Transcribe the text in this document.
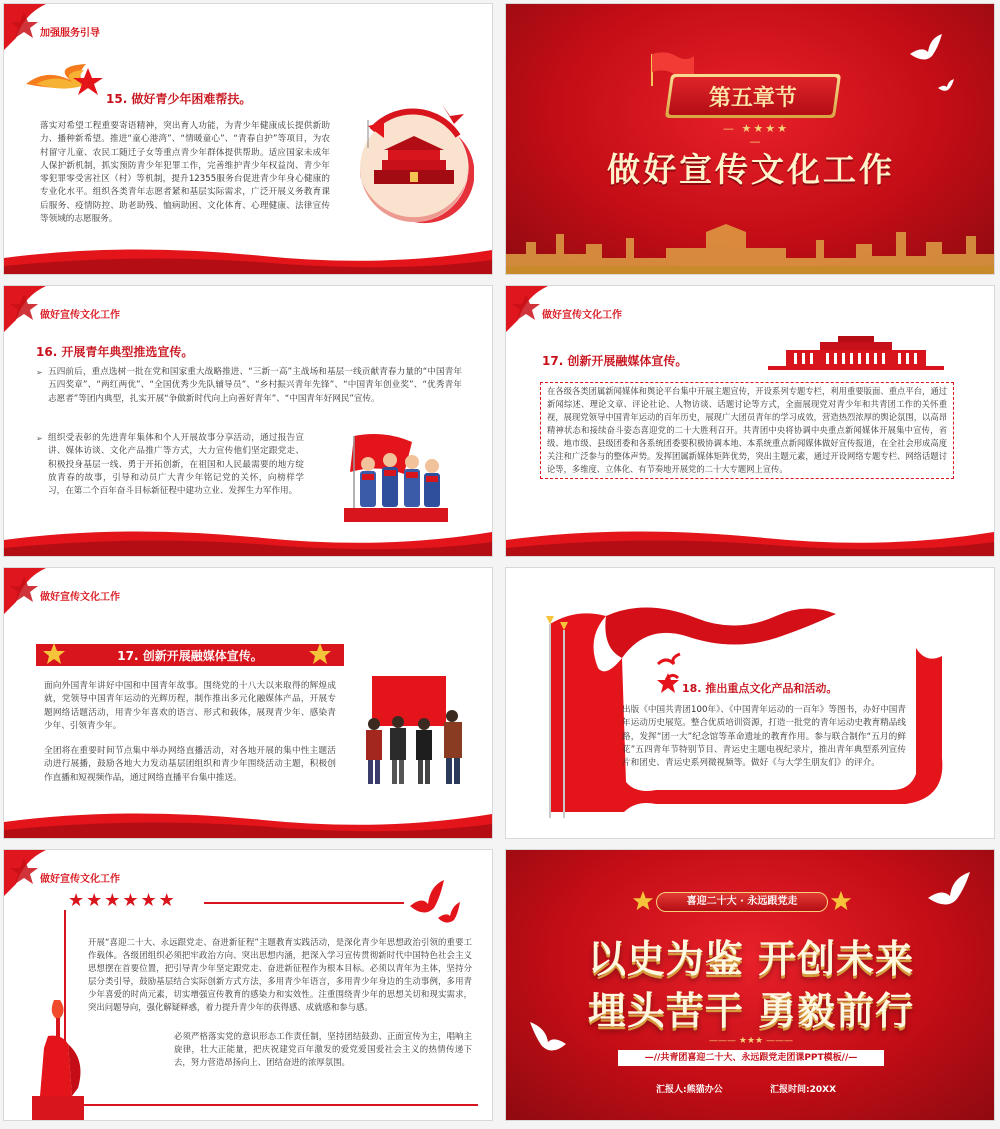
加强服务引导
15. 做好青少年困难帮扶。
落实对希望工程重要寄语精神，突出育人功能，为青少年健康成长提供新助力、播种新希望。推进“童心港湾”、“情暖童心”、“青春自护”等项目，为农村留守儿童、农民工随迁子女等重点青少年群体提供帮助。适应国家未成年人保护新机制，抓实预防青少年犯罪工作，完善维护青少年权益岗、青少年零犯罪零受害社区（村）等机制，提升12355服务台促进青少年身心健康的专业化水平。组织各类青年志愿者紧和基层实际需求，广泛开展义务教育课后服务、疫情防控、助老助残、恤病助困、文化体育、心理健康、法律宣传等领域的志愿服务。
第五章节
— ★★★★ —
做好宣传文化工作
做好宣传文化工作
16. 开展青年典型推选宣传。

➢ 五四前后，重点选树一批在党和国家重大战略推进、“三新一高”主战场和基层一线贡献青春力量的“中国青年五四奖章”、“两红两优”、“全国优秀少先队辅导员”、“乡村振兴青年先锋”、“中国青年创业奖”、“优秀青年志愿者”等团内典型，扎实开展“争做新时代向上向善好青年”、“中国青年好网民”宣传。

➢ 组织受表彰的先进青年集体和个人开展故事分享活动，通过报告宣讲、媒体访谈、文化产品推广等方式，大力宣传他们坚定跟党走、积极投身基层一线、勇于开拓创新，在祖国和人民最需要的地方绽放青春的故事，引导和动员广大青少年铭记党的关怀，向榜样学习，在第二个百年奋斗目标新征程中建功立业、发挥生力军作用。

做好宣传文化工作
17. 创新开展融媒体宣传。
在各级各类团属新闻媒体和舆论平台集中开展主题宣传，开设系列专题专栏，利用重要版面、重点平台，通过新闻综述、理论文章、评论社论、人物访谈、话题讨论等方式，全面展现党对青少年和共青团工作的关怀重视，展现党领导中国青年运动的百年历史，展现广大团员青年的学习成效，营造热烈浓厚的舆论氛围，以高昂精神状态和接续奋斗姿态喜迎党的二十大胜利召开。共青团中央将协调中央重点新闻媒体开展集中宣传，省级、地市级、县级团委和各系统团委要积极协调本地、本系统重点新闻媒体做好宣传报道，在全社会形成高度关注和广泛参与的整体声势。发挥团属新媒体矩阵优势，突出主题元素，通过开设网络专题专栏、网络话题讨论等，多维度、立体化、有节奏地开展党的二十大专题网上宣传。
做好宣传文化工作
17. 创新开展融媒体宣传。

面向外国青年讲好中国和中国青年故事。围绕党的十八大以来取得的辉煌成就，党领导中国青年运动的光辉历程，制作推出多元化融媒体产品，开展专题网络话题活动，用青少年喜欢的语言、形式和载体，展现青少年、感染青少年、引领青少年。

全团将在重要时间节点集中举办网络直播活动，对各地开展的集中性主题活动进行展播，鼓励各地大力发动基层团组织和青少年围绕活动主题，积极创作直播和短视频作品，通过网络直播平台集中推送。

18. 推出重点文化产品和活动。
出版《中国共青团100年》、《中国青年运动的一百年》等图书，办好中国青年运动历史展览。整合优质培训资源，打造一批党的青年运动史教育精品线路，发挥“团一大”纪念馆等革命遗址的教育作用。参与联合制作“五月的鲜花”五四青年节特别节目、青运史主题电视纪录片，推出青年典型系列宣传片和团史、青运史系列微视频等。做好《与大学生朋友们》的评介。
做好宣传文化工作
★★★★★★
开展“喜迎二十大、永远跟党走、奋进新征程”主题教育实践活动，是深化青少年思想政治引领的重要工作载体。各级团组织必须把牢政治方向、突出思想内涵，把深入学习宣传贯彻新时代中国特色社会主义思想摆在首要位置，把引导青少年坚定跟党走、奋进新征程作为根本目标。必须以青年为主体，坚持分层分类引导，鼓励基层结合实际创新方式方法，多用青少年语言，多用青少年身边的生动事例，多用青少年喜爱的时尚元素，切实增强宣传教育的感染力和实效性。注重围绕青少年的思想关切和现实需求，突出问题导向，强化解疑释惑，着力提升青少年的获得感、成就感和参与感。
必须严格落实党的意识形态工作责任制，坚持团结鼓劲、正面宣传为主，唱响主旋律，壮大正能量，把庆祝建党百年激发的爱党爱国爱社会主义的热情传递下去，努力营造昂扬向上、团结奋进的浓厚氛围。
喜迎二十大 · 永远跟党走
以史为鉴 开创未来
埋头苦干 勇毅前行
——— ★★★ ———
—//共青团喜迎二十大、永远跟党走团课PPT模板//—
汇报人:熊猫办公	汇报时间:20XX
